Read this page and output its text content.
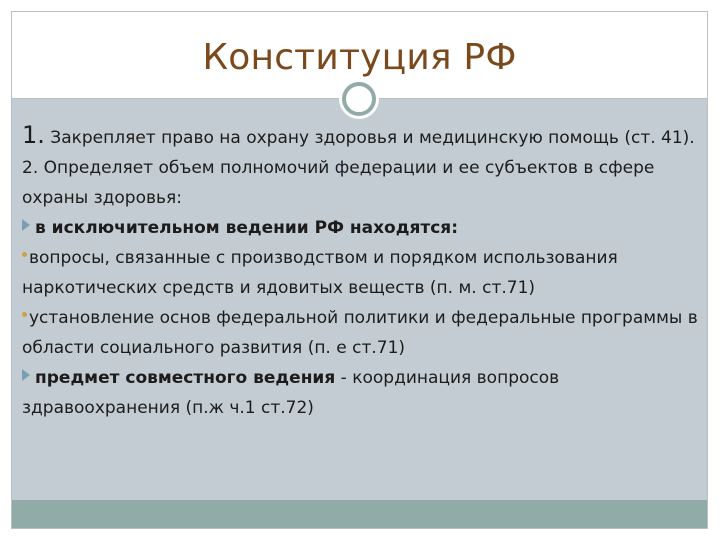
Конституция РФ

1. Закрепляет право на охрану здоровья и медицинскую помощь (ст. 41).

2. Определяет объем полномочий федерации и ее субъектов в сфере охраны здоровья:

в исключительном ведении РФ находятся:

вопросы, связанные с производством и порядком использования наркотических средств и ядовитых веществ (п. м. ст.71)

установление основ федеральной политики и федеральные программы в области социального развития (п. е ст.71)

предмет совместного ведения - координация вопросов здравоохранения (п.ж ч.1 ст.72)
